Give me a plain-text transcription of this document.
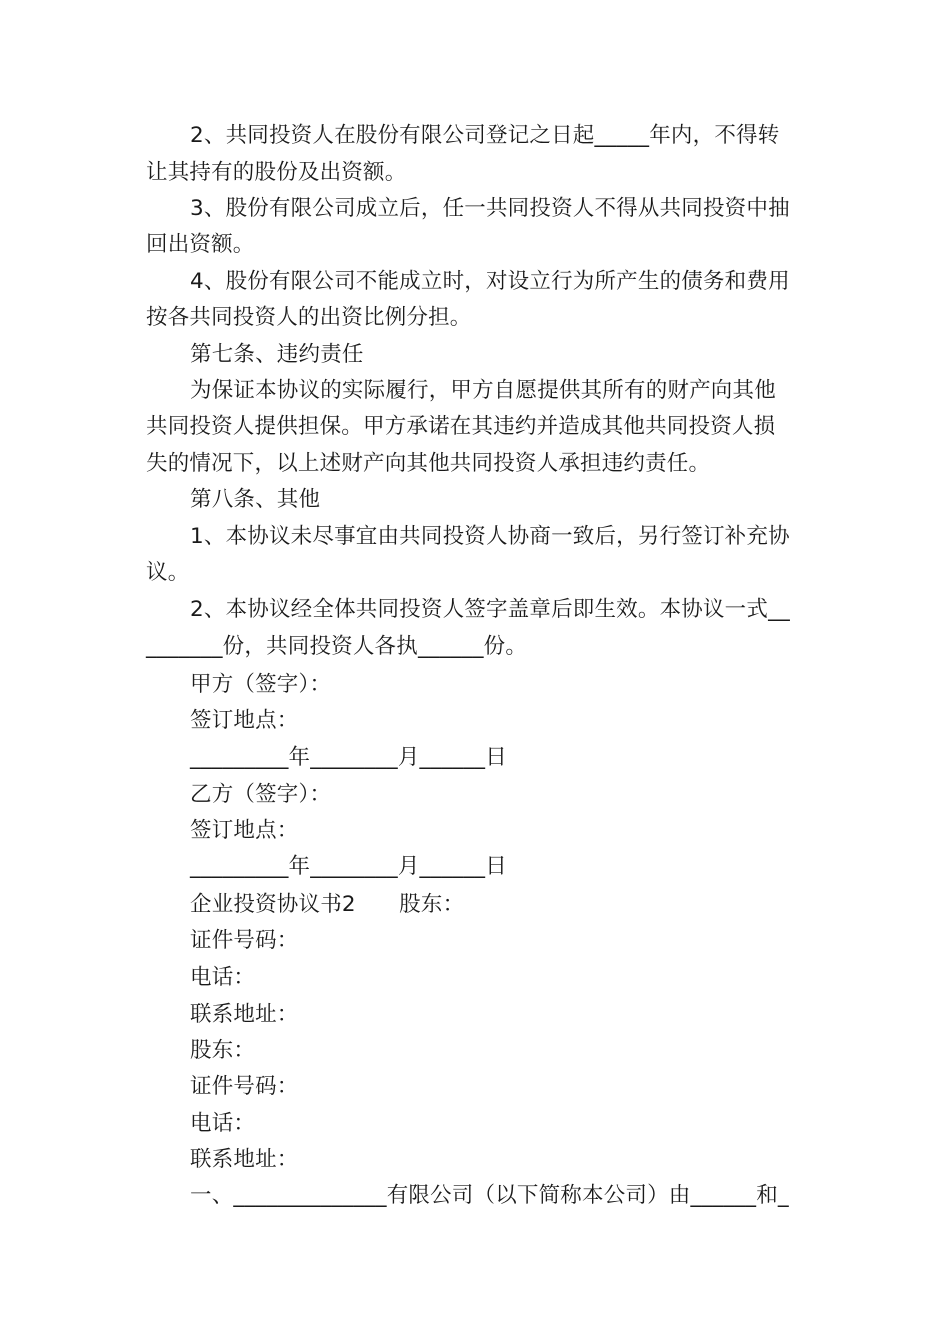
2、共同投资人在股份有限公司登记之日起_____年内，不得转
让其持有的股份及出资额。
3、股份有限公司成立后，任一共同投资人不得从共同投资中抽
回出资额。
4、股份有限公司不能成立时，对设立行为所产生的债务和费用
按各共同投资人的出资比例分担。
第七条、违约责任
为保证本协议的实际履行，甲方自愿提供其所有的财产向其他
共同投资人提供担保。甲方承诺在其违约并造成其他共同投资人损
失的情况下，以上述财产向其他共同投资人承担违约责任。
第八条、其他
1、本协议未尽事宜由共同投资人协商一致后，另行签订补充协
议。
2、本协议经全体共同投资人签字盖章后即生效。本协议一式__
_______份，共同投资人各执______份。
甲方（签字）：
签订地点：
_________年________月______日
乙方（签字）：
签订地点：
_________年________月______日
企业投资协议书2　　股东：
证件号码：
电话：
联系地址：
股东：
证件号码：
电话：
联系地址：
一、______________有限公司（以下简称本公司）由______和_
